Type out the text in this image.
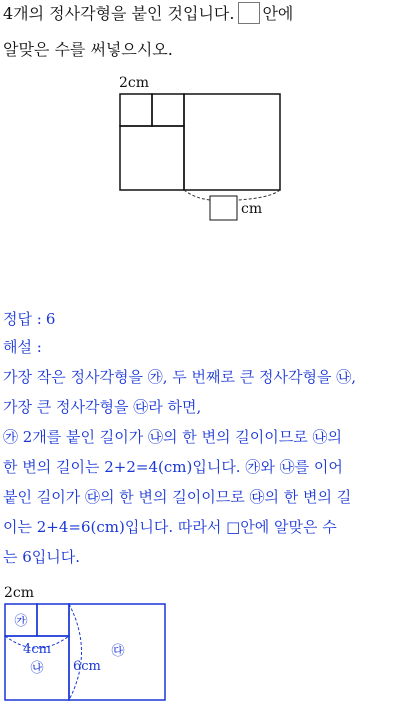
4개의 정사각형을 붙인 것입니다. 안에
알맞은 수를 써넣으시오.
2cm
cm
정답 : 6
해설 :
가장 작은 정사각형을 ㉮, 두 번째로 큰 정사각형을 ㉯,
가장 큰 정사각형을 ㉰라 하면,
㉮ 2개를 붙인 길이가 ㉯의 한 변의 길이이므로 ㉯의
한 변의 길이는 2+2=4(cm)입니다. ㉮와 ㉯를 이어
붙인 길이가 ㉰의 한 변의 길이이므로 ㉰의 한 변의 길
이는 2+4=6(cm)입니다. 따라서 □안에 알맞은 수
는 6입니다.
2cm
㉮
4cm
㉯
㉰
6cm
